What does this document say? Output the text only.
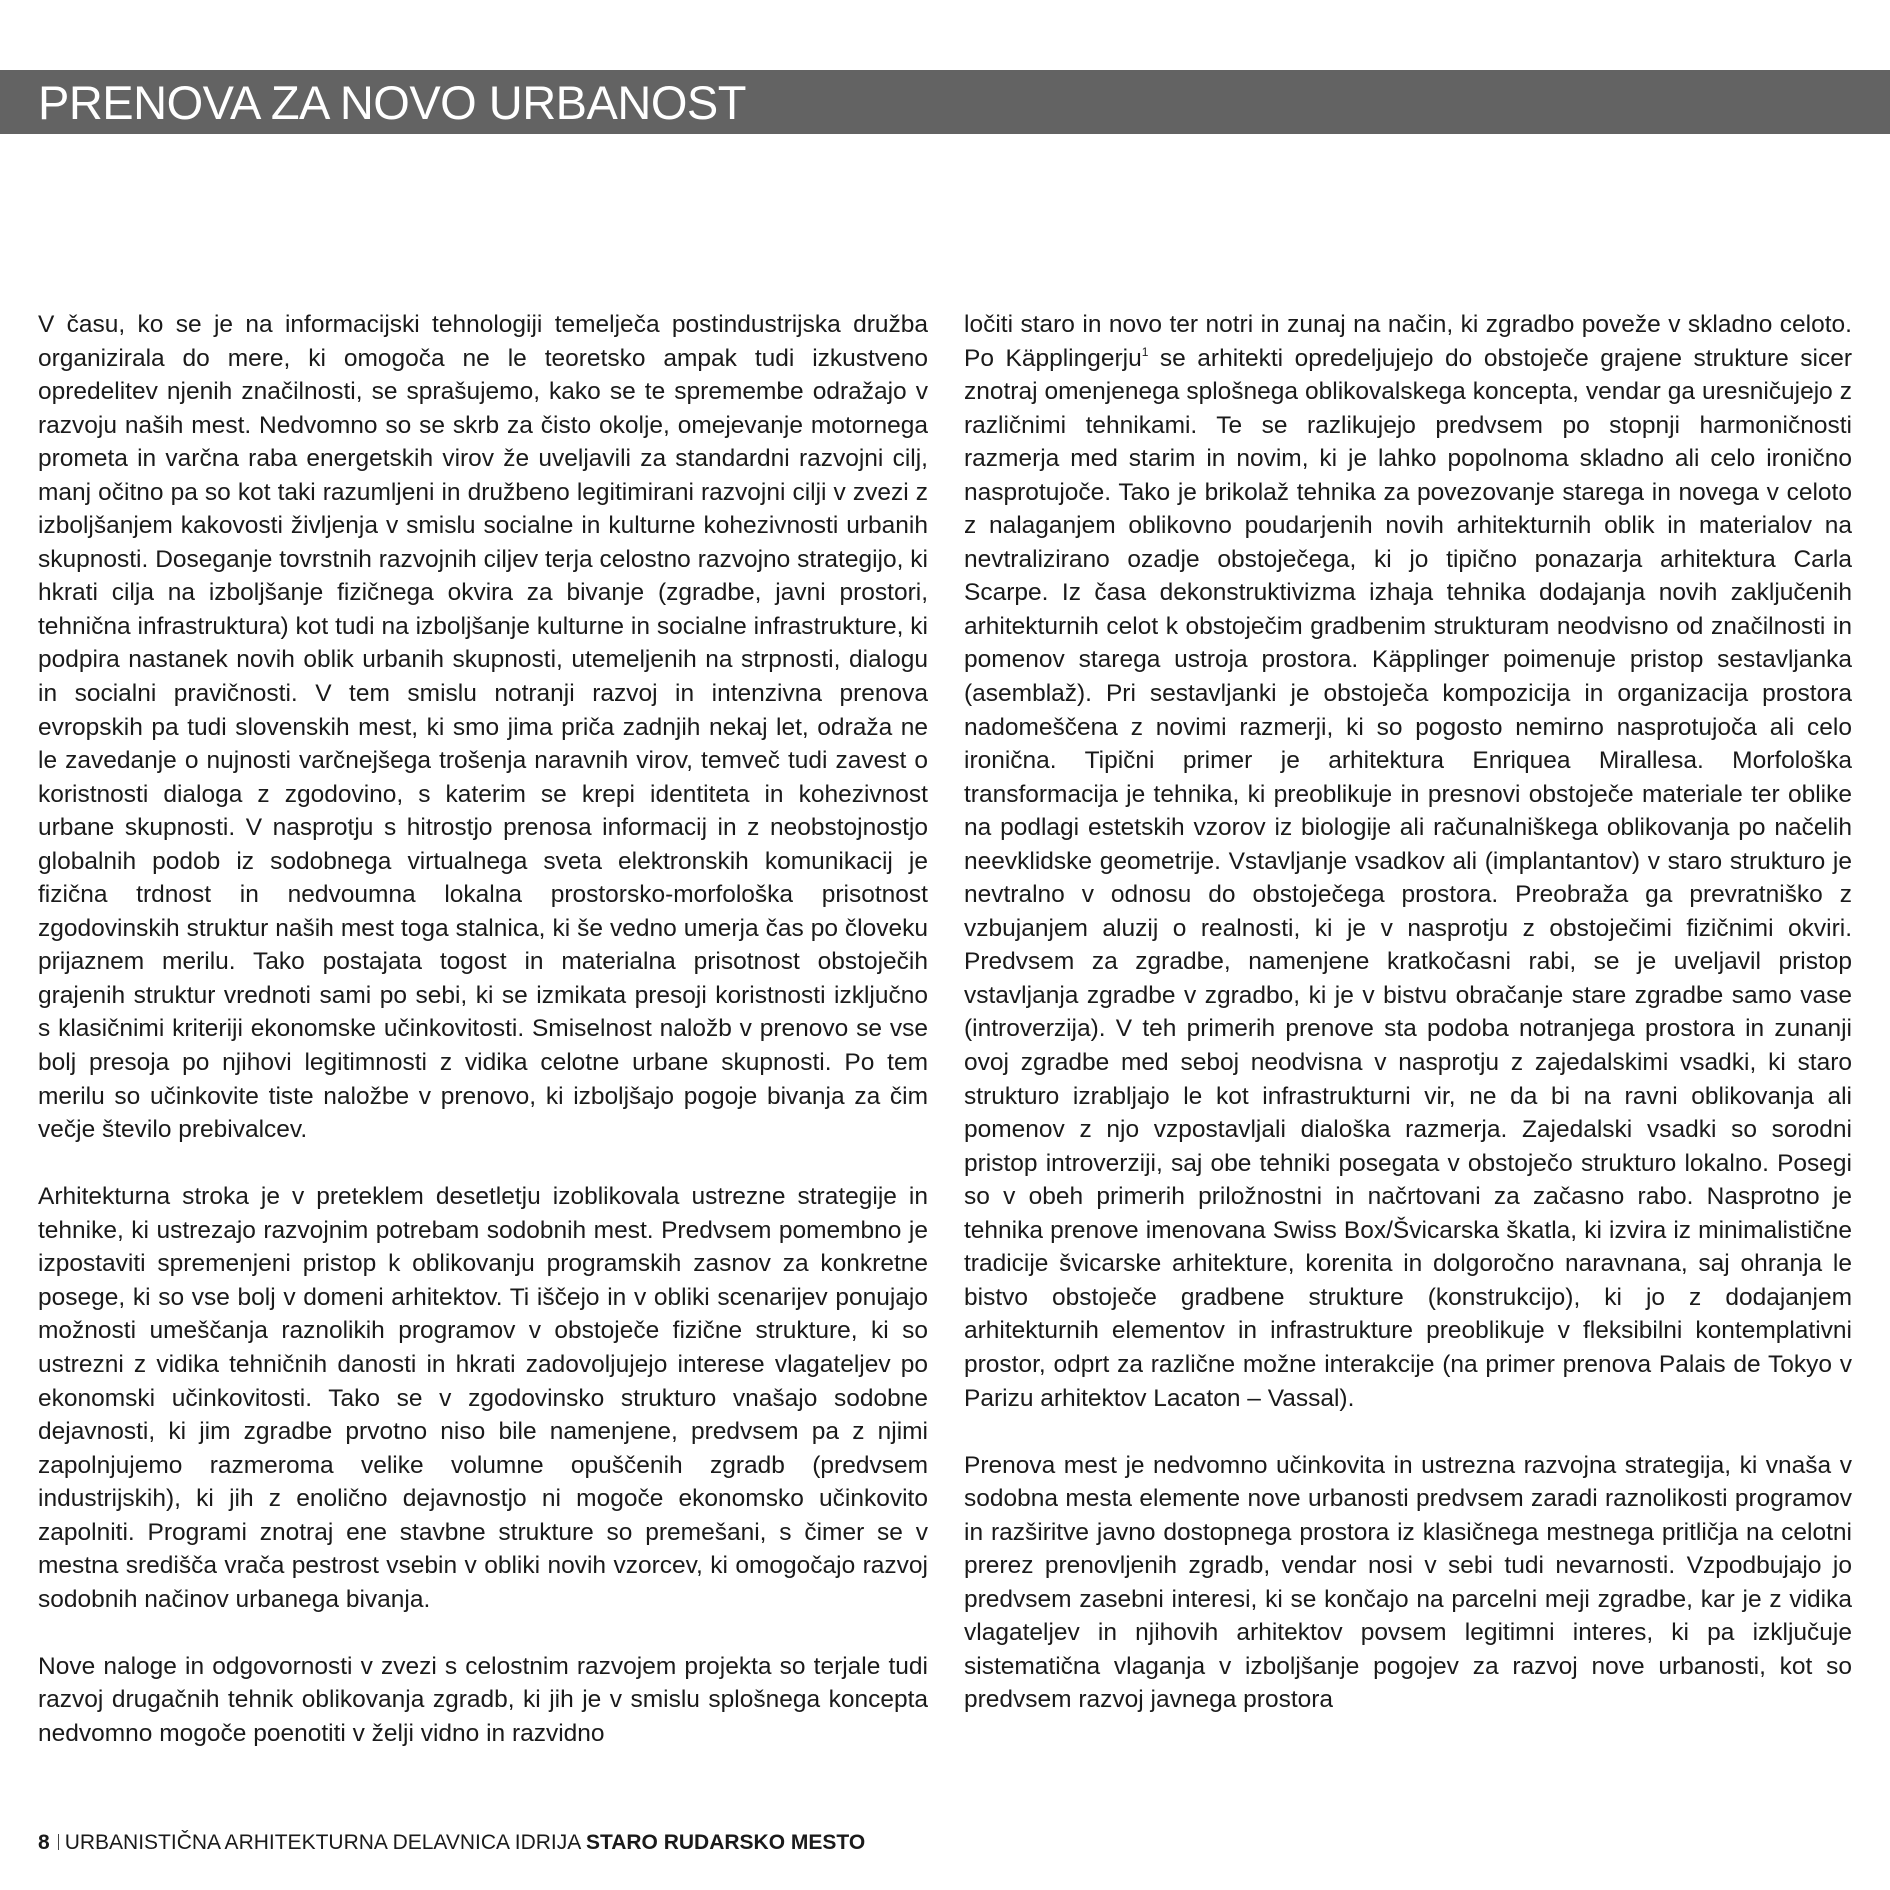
PRENOVA ZA NOVO URBANOST

V času, ko se je na informacijski tehnologiji temelječa postindustrijska družba organizirala do mere, ki omogoča ne le teoretsko ampak tudi izkustveno opredelitev njenih značilnosti, se sprašujemo, kako se te spremembe odražajo v razvoju naših mest. Nedvomno so se skrb za čisto okolje, omejevanje motornega prometa in varčna raba energetskih virov že uveljavili za standardni razvojni cilj, manj očitno pa so kot taki razumljeni in družbeno legitimirani razvojni cilji v zvezi z izboljšanjem kakovosti življenja v smislu socialne in kulturne kohezivnosti urbanih skupnosti. Doseganje tovrstnih razvojnih ciljev terja celostno razvojno strategijo, ki hkrati cilja na izboljšanje fizičnega okvira za bivanje (zgradbe, javni prostori, tehnična infrastruktura) kot tudi na izboljšanje kulturne in socialne infrastrukture, ki podpira nastanek novih oblik urbanih skupnosti, utemeljenih na strpnosti, dialogu in socialni pravičnosti. V tem smislu notranji razvoj in intenzivna prenova evropskih pa tudi slovenskih mest, ki smo jima priča zadnjih nekaj let, odraža ne le zavedanje o nujnosti varčnejšega trošenja naravnih virov, temveč tudi zavest o koristnosti dialoga z zgodovino, s katerim se krepi identiteta in kohezivnost urbane skupnosti. V nasprotju s hitrostjo prenosa informacij in z neobstojnostjo globalnih podob iz sodobnega virtualnega sveta elektronskih komunikacij je fizična trdnost in nedvoumna lokalna prostorsko-morfološka prisotnost zgodovinskih struktur naših mest toga stalnica, ki še vedno umerja čas po človeku prijaznem merilu. Tako postajata togost in materialna prisotnost obstoječih grajenih struktur vrednoti sami po sebi, ki se izmikata presoji koristnosti izključno s klasičnimi kriteriji ekonomske učinkovitosti. Smiselnost naložb v prenovo se vse bolj presoja po njihovi legitimnosti z vidika celotne urbane skupnosti. Po tem merilu so učinkovite tiste naložbe v prenovo, ki izboljšajo pogoje bivanja za čim večje število prebivalcev.

Arhitekturna stroka je v preteklem desetletju izoblikovala ustrezne strategije in tehnike, ki ustrezajo razvojnim potrebam sodobnih mest. Predvsem pomembno je izpostaviti spremenjeni pristop k oblikovanju programskih zasnov za konkretne posege, ki so vse bolj v domeni arhitektov. Ti iščejo in v obliki scenarijev ponujajo možnosti umeščanja raznolikih programov v obstoječe fizične strukture, ki so ustrezni z vidika tehničnih danosti in hkrati zadovoljujejo interese vlagateljev po ekonomski učinkovitosti. Tako se v zgodovinsko strukturo vnašajo sodobne dejavnosti, ki jim zgradbe prvotno niso bile namenjene, predvsem pa z njimi zapolnjujemo razmeroma velike volumne opuščenih zgradb (predvsem industrijskih), ki jih z enolično dejavnostjo ni mogoče ekonomsko učinkovito zapolniti. Programi znotraj ene stavbne strukture so premešani, s čimer se v mestna središča vrača pestrost vsebin v obliki novih vzorcev, ki omogočajo razvoj sodobnih načinov urbanega bivanja.

Nove naloge in odgovornosti v zvezi s celostnim razvojem projekta so terjale tudi razvoj drugačnih tehnik oblikovanja zgradb, ki jih je v smislu splošnega koncepta nedvomno mogoče poenotiti v želji vidno in razvidno

ločiti staro in novo ter notri in zunaj na način, ki zgradbo poveže v skladno celoto. Po Käpplingerju$^1$ se arhitekti opredeljujejo do obstoječe grajene strukture sicer znotraj omenjenega splošnega oblikovalskega koncepta, vendar ga uresničujejo z različnimi tehnikami. Te se razlikujejo predvsem po stopnji harmoničnosti razmerja med starim in novim, ki je lahko popolnoma skladno ali celo ironično nasprotujoče. Tako je brikolaž tehnika za povezovanje starega in novega v celoto z nalaganjem oblikovno poudarjenih novih arhitekturnih oblik in materialov na nevtralizirano ozadje obstoječega, ki jo tipično ponazarja arhitektura Carla Scarpe. Iz časa dekonstruktivizma izhaja tehnika dodajanja novih zaključenih arhitekturnih celot k obstoječim gradbenim strukturam neodvisno od značilnosti in pomenov starega ustroja prostora. Käpplinger poimenuje pristop sestavljanka (asemblaž). Pri sestavljanki je obstoječa kompozicija in organizacija prostora nadomeščena z novimi razmerji, ki so pogosto nemirno nasprotujoča ali celo ironična. Tipični primer je arhitektura Enriquea Mirallesa. Morfološka transformacija je tehnika, ki preoblikuje in presnovi obstoječe materiale ter oblike na podlagi estetskih vzorov iz biologije ali računalniškega oblikovanja po načelih neevklidske geometrije. Vstavljanje vsadkov ali (implantantov) v staro strukturo je nevtralno v odnosu do obstoječega prostora. Preobraža ga prevratniško z vzbujanjem aluzij o realnosti, ki je v nasprotju z obstoječimi fizičnimi okviri. Predvsem za zgradbe, namenjene kratkočasni rabi, se je uveljavil pristop vstavljanja zgradbe v zgradbo, ki je v bistvu obračanje stare zgradbe samo vase (introverzija). V teh primerih prenove sta podoba notranjega prostora in zunanji ovoj zgradbe med seboj neodvisna v nasprotju z zajedalskimi vsadki, ki staro strukturo izrabljajo le kot infrastrukturni vir, ne da bi na ravni oblikovanja ali pomenov z njo vzpostavljali dialoška razmerja. Zajedalski vsadki so sorodni pristop introverziji, saj obe tehniki posegata v obstoječo strukturo lokalno. Posegi so v obeh primerih priložnostni in načrtovani za začasno rabo. Nasprotno je tehnika prenove imenovana Swiss Box/Švicarska škatla, ki izvira iz minimalistične tradicije švicarske arhitekture, korenita in dolgoročno naravnana, saj ohranja le bistvo obstoječe gradbene strukture (konstrukcijo), ki jo z dodajanjem arhitekturnih elementov in infrastrukture preoblikuje v fleksibilni kontemplativni prostor, odprt za različne možne interakcije (na primer prenova Palais de Tokyo v Parizu arhitektov Lacaton – Vassal).

Prenova mest je nedvomno učinkovita in ustrezna razvojna strategija, ki vnaša v sodobna mesta elemente nove urbanosti predvsem zaradi raznolikosti programov in razširitve javno dostopnega prostora iz klasičnega mestnega pritličja na celotni prerez prenovljenih zgradb, vendar nosi v sebi tudi nevarnosti. Vzpodbujajo jo predvsem zasebni interesi, ki se končajo na parcelni meji zgradbe, kar je z vidika vlagateljev in njihovih arhitektov povsem legitimni interes, ki pa izključuje sistematična vlaganja v izboljšanje pogojev za razvoj nove urbanosti, kot so predvsem razvoj javnega prostora

8 URBANISTIČNA ARHITEKTURNA DELAVNICA IDRIJA STARO RUDARSKO MESTO
